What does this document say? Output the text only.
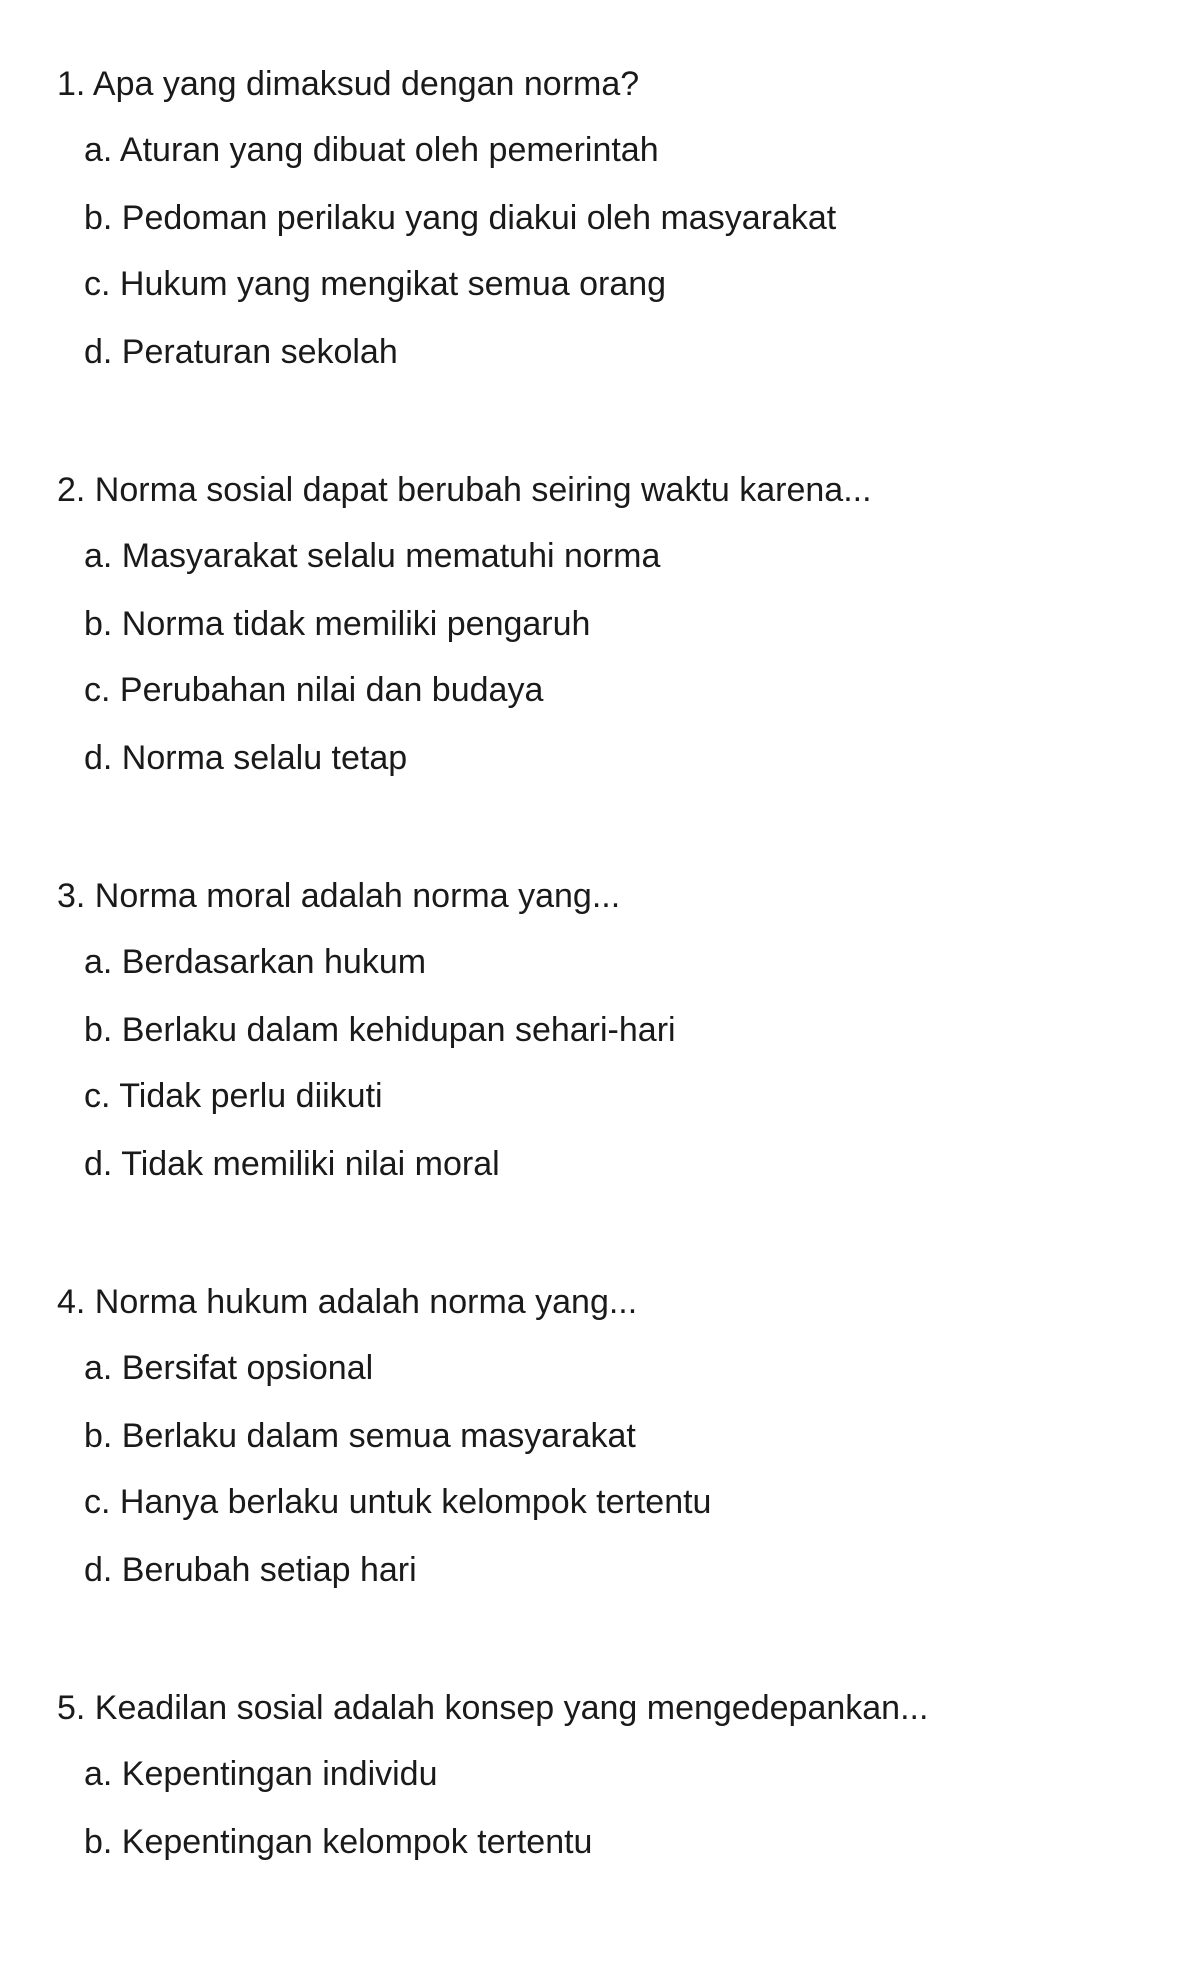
1. Apa yang dimaksud dengan norma?
a. Aturan yang dibuat oleh pemerintah
b. Pedoman perilaku yang diakui oleh masyarakat
c. Hukum yang mengikat semua orang
d. Peraturan sekolah
2. Norma sosial dapat berubah seiring waktu karena...
a. Masyarakat selalu mematuhi norma
b. Norma tidak memiliki pengaruh
c. Perubahan nilai dan budaya
d. Norma selalu tetap
3. Norma moral adalah norma yang...
a. Berdasarkan hukum
b. Berlaku dalam kehidupan sehari-hari
c. Tidak perlu diikuti
d. Tidak memiliki nilai moral
4. Norma hukum adalah norma yang...
a. Bersifat opsional
b. Berlaku dalam semua masyarakat
c. Hanya berlaku untuk kelompok tertentu
d. Berubah setiap hari
5. Keadilan sosial adalah konsep yang mengedepankan...
a. Kepentingan individu
b. Kepentingan kelompok tertentu
